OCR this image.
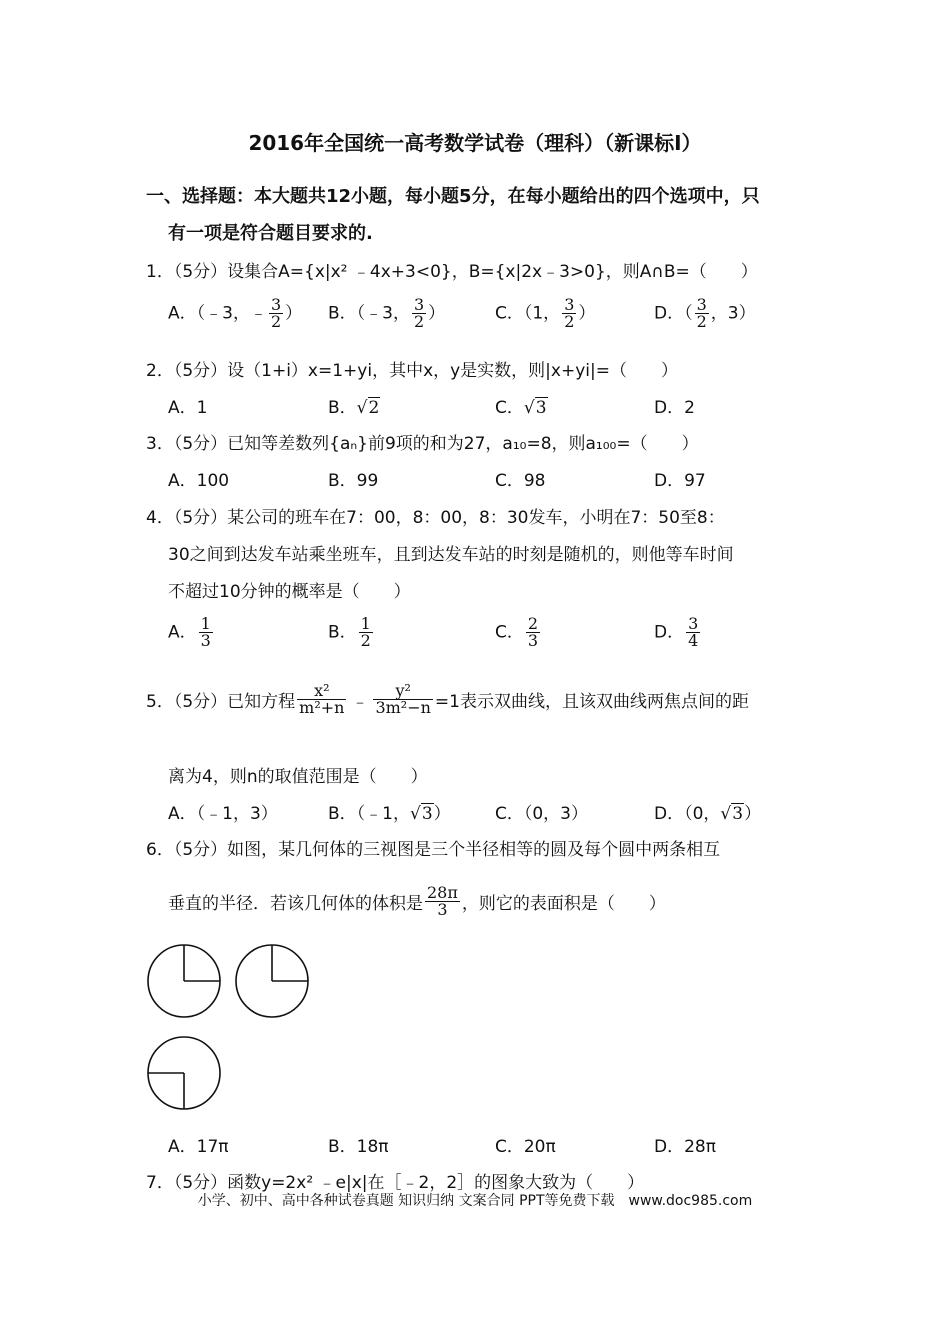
2016年全国统一高考数学试卷（理科）（新课标Ⅰ）
一、选择题：本大题共12小题，每小题5分，在每小题给出的四个选项中，只
有一项是符合题目要求的.
1．（5分）设集合A={x|x² ﹣4x+3<0}，B={x|2x﹣3>0}，则A∩B=（　　）
A．（﹣3，﹣ $\frac{3}{2}$ ） B．（﹣3， $\frac{3}{2}$ ）	C．（1， $\frac{3}{2}$ ）	D．（ $\frac{3}{2}$ ，3）
2．（5分）设（1+i）x=1+yi，其中x，y是实数，则|x+yi|=（　　）
A．1	B．√2	C．√3	D．2
3．（5分）已知等差数列{aₙ}前9项的和为27，a₁₀=8，则a₁₀₀=（　　）
A．100	B．99	C．98	D．97
4．（5分）某公司的班车在7：00，8：00，8：30发车，小明在7：50至8：
30之间到达发车站乘坐班车，且到达发车站的时刻是随机的，则他等车时间
不超过10分钟的概率是（　　）
A． $\frac{1}{3}$	B． $\frac{1}{2}$	C． $\frac{2}{3}$	D． $\frac{3}{4}$
5．（5分）已知方程 $\frac{\text{x²}}{\text{m²+n}}$ ﹣ $\frac{\text{y²}}{\text{3m²−n}} =1$表示双曲线，且该双曲线两焦点间的距
离为4，则n的取值范围是（　　）
A．（﹣1，3）	B．（﹣1，√3）	C．（0，3）	D．（0，√3）
6．（5分）如图，某几何体的三视图是三个半径相等的圆及每个圆中两条相互
垂直的半径．若该几何体的体积是 $\frac{28\pi}{3}$ ，则它的表面积是（　　）
A．17π	B．18π	C．20π	D．28π
7．（5分）函数y=2x² ﹣e|x|在［﹣2，2］的图象大致为（　　）
小学、初中、高中各种试卷真题 知识归纳 文案合同 PPT等免费下载　www.doc985.com
